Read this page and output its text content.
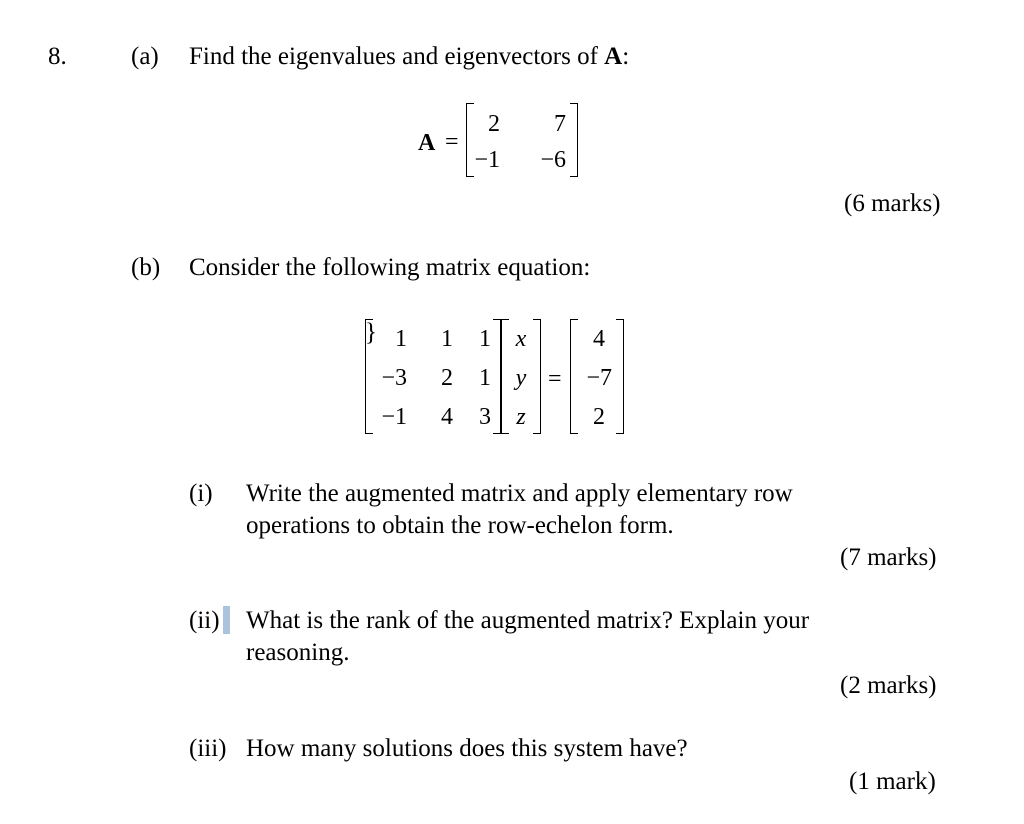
8.	(a) Find the eigenvalues and eigenvectors of A:
A =
2 7
−1 −6
(6 marks)
(b) Consider the following matrix equation:
1 1 1
−3 2 1
−1 4 3
}	x
y
z
=
4
−7
2
(i) Write the augmented matrix and apply elementary row
operations to obtain the row-echelon form.
(7 marks)
(ii) What is the rank of the augmented matrix? Explain your
reasoning.
(2 marks)
(iii) How many solutions does this system have?
(1 mark)
